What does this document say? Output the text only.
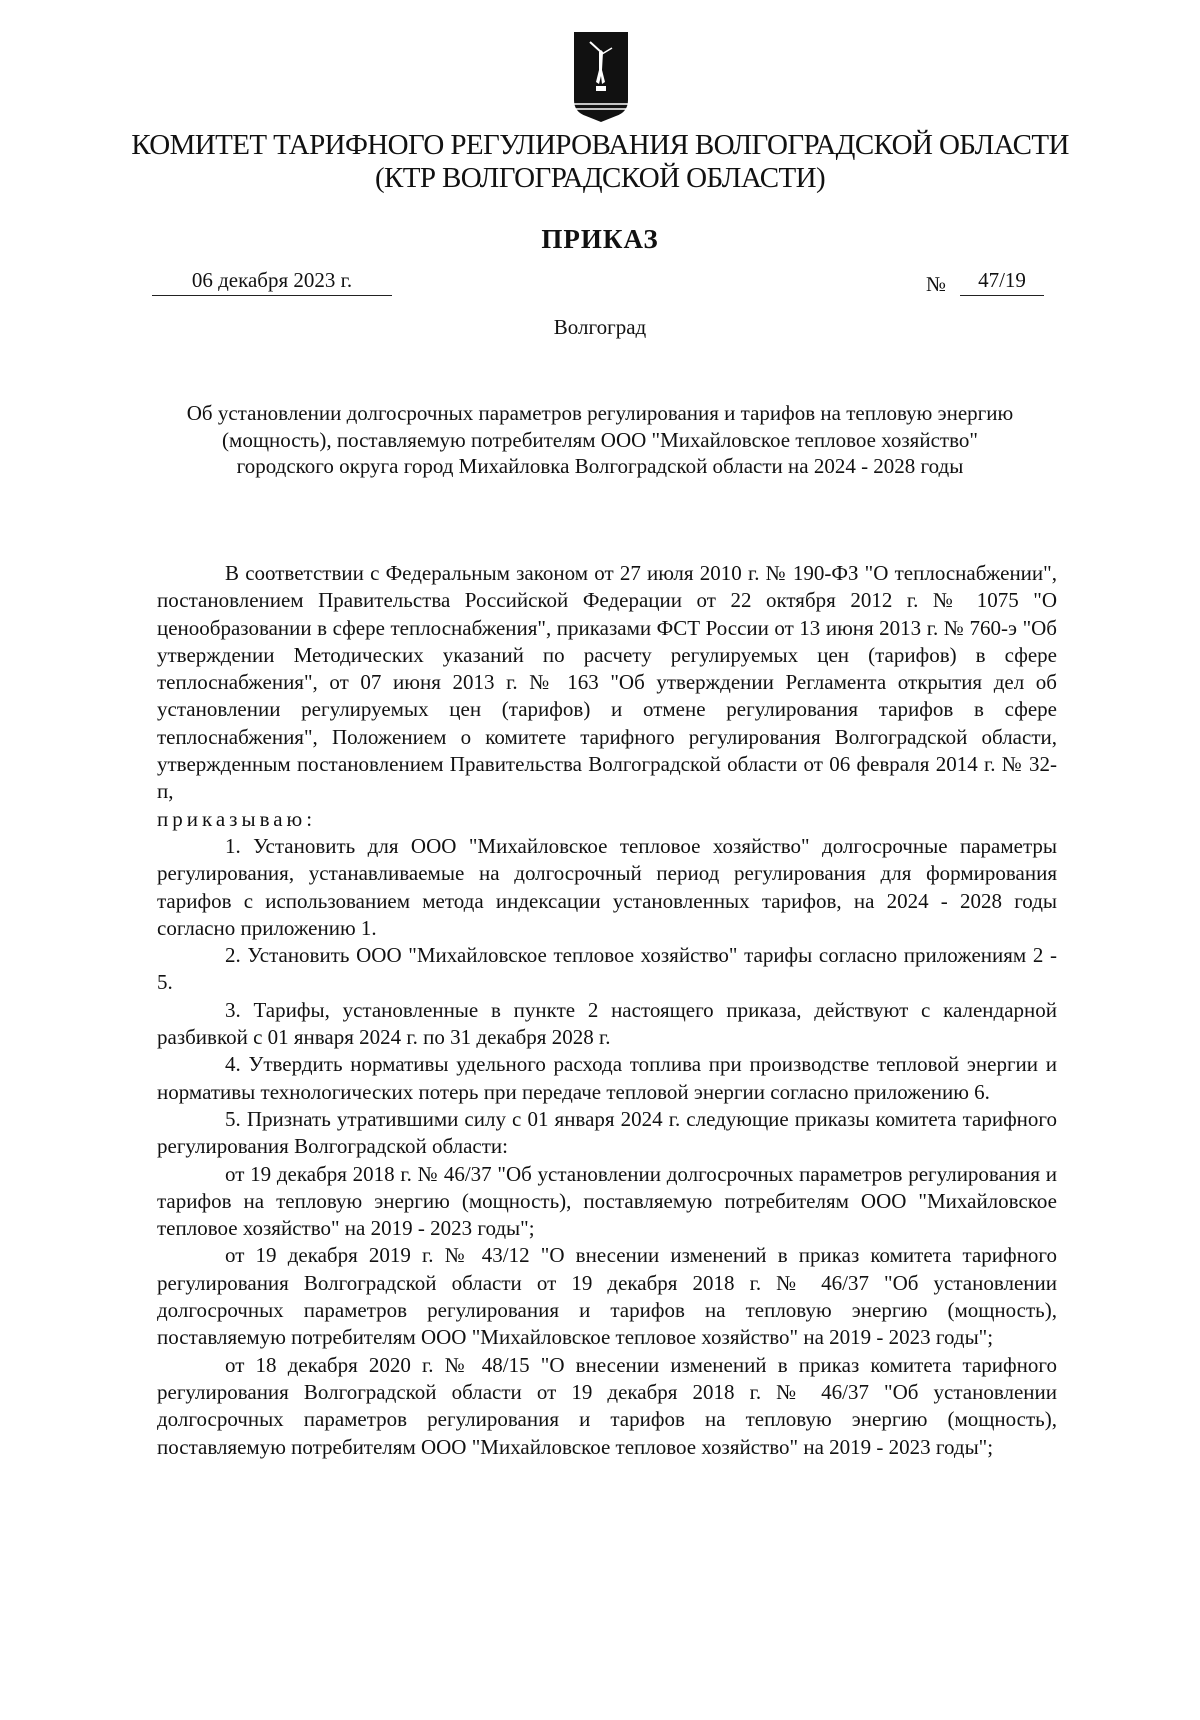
КОМИТЕТ ТАРИФНОГО РЕГУЛИРОВАНИЯ ВОЛГОГРАДСКОЙ ОБЛАСТИ
(КТР ВОЛГОГРАДСКОЙ ОБЛАСТИ)
ПРИКАЗ
06 декабря 2023 г.	№	47/19
Волгоград
Об установлении долгосрочных параметров регулирования и тарифов на тепловую энергию (мощность), поставляемую потребителям ООО "Михайловское тепловое хозяйство" городского округа город Михайловка Волгоградской области на 2024 - 2028 годы

В соответствии с Федеральным законом от 27 июля 2010 г. № 190-ФЗ "О теплоснабжении", постановлением Правительства Российской Федерации от 22 октября 2012 г. № 1075 "О ценообразовании в сфере теплоснабжения", приказами ФСТ России от 13 июня 2013 г. № 760-э "Об утверждении Методических указаний по расчету регулируемых цен (тарифов) в сфере теплоснабжения", от 07 июня 2013 г. № 163 "Об утверждении Регламента открытия дел об установлении регулируемых цен (тарифов) и отмене регулирования тарифов в сфере теплоснабжения", Положением о комитете тарифного регулирования Волгоградской области, утвержденным постановлением Правительства Волгоградской области от 06 февраля 2014 г. № 32-п,

приказываю:

1. Установить для ООО "Михайловское тепловое хозяйство" долгосрочные параметры регулирования, устанавливаемые на долгосрочный период регулирования для формирования тарифов с использованием метода индексации установленных тарифов, на 2024 - 2028 годы согласно приложению 1.

2. Установить ООО "Михайловское тепловое хозяйство" тарифы согласно приложениям 2 - 5.

3. Тарифы, установленные в пункте 2 настоящего приказа, действуют с календарной разбивкой с 01 января 2024 г. по 31 декабря 2028 г.

4. Утвердить нормативы удельного расхода топлива при производстве тепловой энергии и нормативы технологических потерь при передаче тепловой энергии согласно приложению 6.

5. Признать утратившими силу с 01 января 2024 г. следующие приказы комитета тарифного регулирования Волгоградской области:

от 19 декабря 2018 г. № 46/37 "Об установлении долгосрочных параметров регулирования и тарифов на тепловую энергию (мощность), поставляемую потребителям ООО "Михайловское тепловое хозяйство" на 2019 - 2023 годы";

от 19 декабря 2019 г. № 43/12 "О внесении изменений в приказ комитета тарифного регулирования Волгоградской области от 19 декабря 2018 г. № 46/37 "Об установлении долгосрочных параметров регулирования и тарифов на тепловую энергию (мощность), поставляемую потребителям ООО "Михайловское тепловое хозяйство" на 2019 - 2023 годы";

от 18 декабря 2020 г. № 48/15 "О внесении изменений в приказ комитета тарифного регулирования Волгоградской области от 19 декабря 2018 г. № 46/37 "Об установлении долгосрочных параметров регулирования и тарифов на тепловую энергию (мощность), поставляемую потребителям ООО "Михайловское тепловое хозяйство" на 2019 - 2023 годы";
